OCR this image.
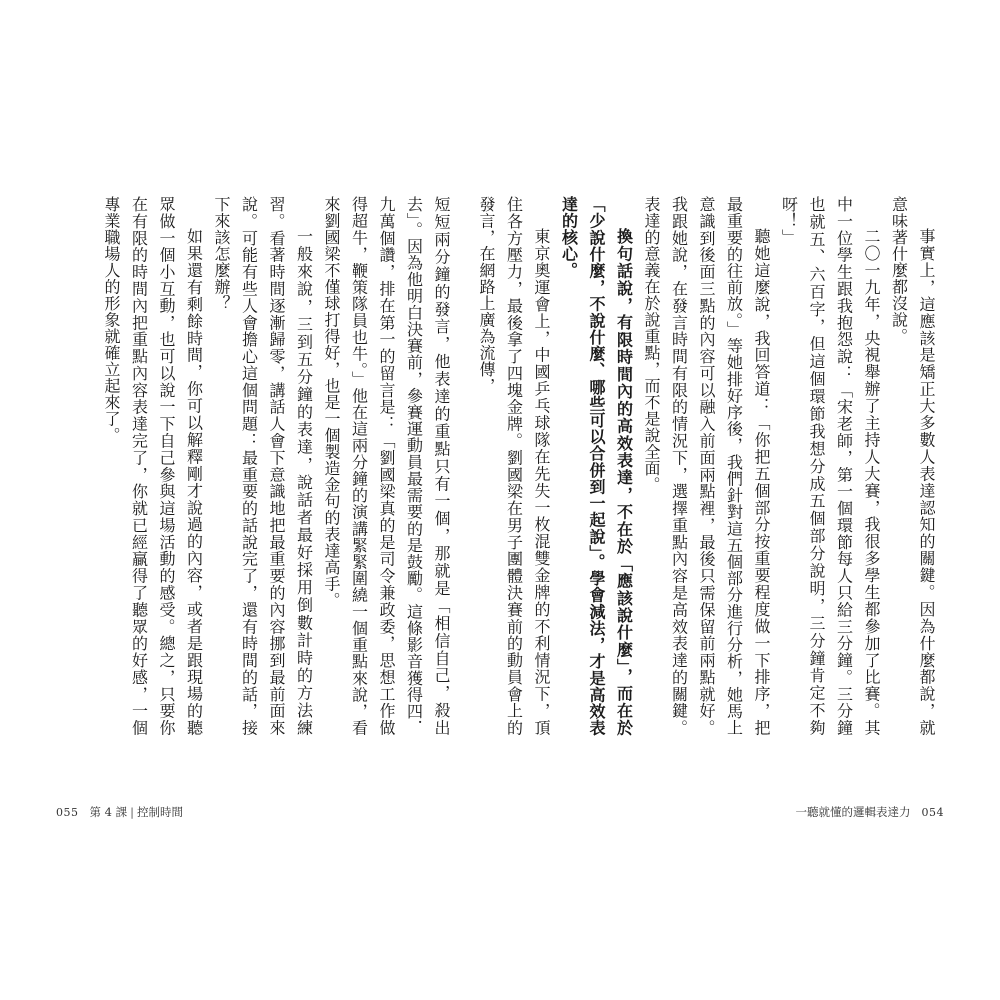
短短兩分鐘的發言，他表達的重點只有一個，那就是「相信自己，殺出去」。因為他明白決賽前，參賽運動員最需要的是鼓勵。這條影音獲得四．九萬個讚，排在第一的留言是：「劉國梁真的是司令兼政委，思想工作做得超牛，鞭策隊員也牛。」他在這兩分鐘的演講緊緊圍繞一個重點來說，看來劉國梁不僅球打得好，也是一個製造金句的表達高手。

一般來說，三到五分鐘的表達，說話者最好採用倒數計時的方法練習。看著時間逐漸歸零，講話人會下意識地把最重要的內容挪到最前面來說。可能有些人會擔心這個問題：最重要的話說完了，還有時間的話，接下來該怎麼辦？

如果還有剩餘時間，你可以解釋剛才說過的內容，或者是跟現場的聽眾做一個小互動，也可以說一下自己參與這場活動的感受。總之，只要你在有限的時間內把重點內容表達完了，你就已經贏得了聽眾的好感，一個專業職場人的形象就確立起來了。

055 第 4 課 | 控制時間

事實上，這應該是矯正大多數人表達認知的關鍵。因為什麼都說，就意味著什麼都沒說。

二〇一九年，央視舉辦了主持人大賽，我很多學生都參加了比賽。其中一位學生跟我抱怨說：「宋老師，第一個環節每人只給三分鐘。三分鐘也就五、六百字，但這個環節我想分成五個部分說明，三分鐘肯定不夠呀！」

聽她這麼說，我回答道：「你把五個部分按重要程度做一下排序，把最重要的往前放。」等她排好序後，我們針對這五個部分進行分析，她馬上意識到後面三點的內容可以融入前面兩點裡，最後只需保留前兩點就好。我跟她說，在發言時間有限的情況下，選擇重點內容是高效表達的關鍵。表達的意義在於說重點，而不是說全面。

換句話說，有限時間內的高效表達，不在於「應該說什麼」，而在於「少說什麼，不說什麼、哪些可以合併到一起說」。學會減法，才是高效表達的核心。

東京奧運會上，中國乒乓球隊在先失一枚混雙金牌的不利情況下，頂住各方壓力，最後拿了四塊金牌。劉國梁在男子團體決賽前的動員會上的發言，在網路上廣為流傳，

一聽就懂的邏輯表達力 054
